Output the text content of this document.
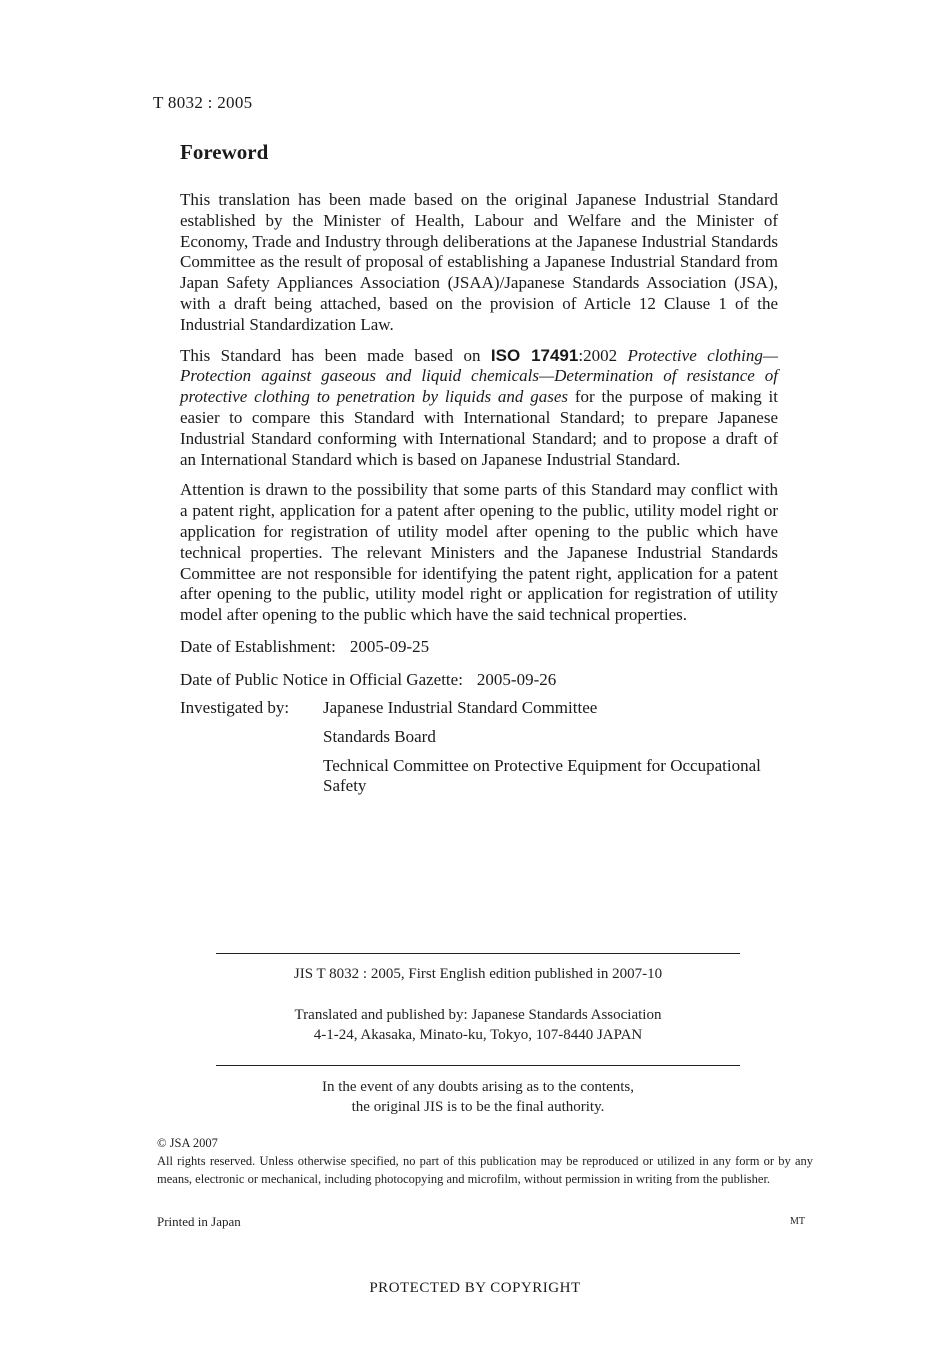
T 8032 : 2005
Foreword

This translation has been made based on the original Japanese Industrial Standard established by the Minister of Health, Labour and Welfare and the Minister of Economy, Trade and Industry through deliberations at the Japanese Industrial Standards Committee as the result of proposal of establishing a Japanese Industrial Standard from Japan Safety Appliances Association (JSAA)/Japanese Standards Association (JSA), with a draft being attached, based on the provision of Article 12 Clause 1 of the Industrial Standardization Law.

This Standard has been made based on ISO 17491:2002 Protective clothing—Protection against gaseous and liquid chemicals—Determination of resistance of protective clothing to penetration by liquids and gases for the purpose of making it easier to compare this Standard with International Standard; to prepare Japanese Industrial Standard conforming with International Standard; and to propose a draft of an International Standard which is based on Japanese Industrial Standard.

Attention is drawn to the possibility that some parts of this Standard may conflict with a patent right, application for a patent after opening to the public, utility model right or application for registration of utility model after opening to the public which have technical properties. The relevant Ministers and the Japanese Industrial Standards Committee are not responsible for identifying the patent right, application for a patent after opening to the public, utility model right or application for registration of utility model after opening to the public which have the said technical properties.

Date of Establishment: 2005-09-25

Date of Public Notice in Official Gazette: 2005-09-26

Investigated by:	Japanese Industrial Standard Committee
Standards Board
Technical Committee on Protective Equipment for Occupational Safety
JIS T 8032 : 2005, First English edition published in 2007-10
Translated and published by: Japanese Standards Association
4-1-24, Akasaka, Minato-ku, Tokyo, 107-8440 JAPAN
In the event of any doubts arising as to the contents,
the original JIS is to be the final authority.
© JSA 2007
All rights reserved. Unless otherwise specified, no part of this publication may be reproduced or utilized in any form or by any means, electronic or mechanical, including photocopying and microfilm, without permission in writing from the publisher.
Printed in Japan	MT
PROTECTED BY COPYRIGHT
